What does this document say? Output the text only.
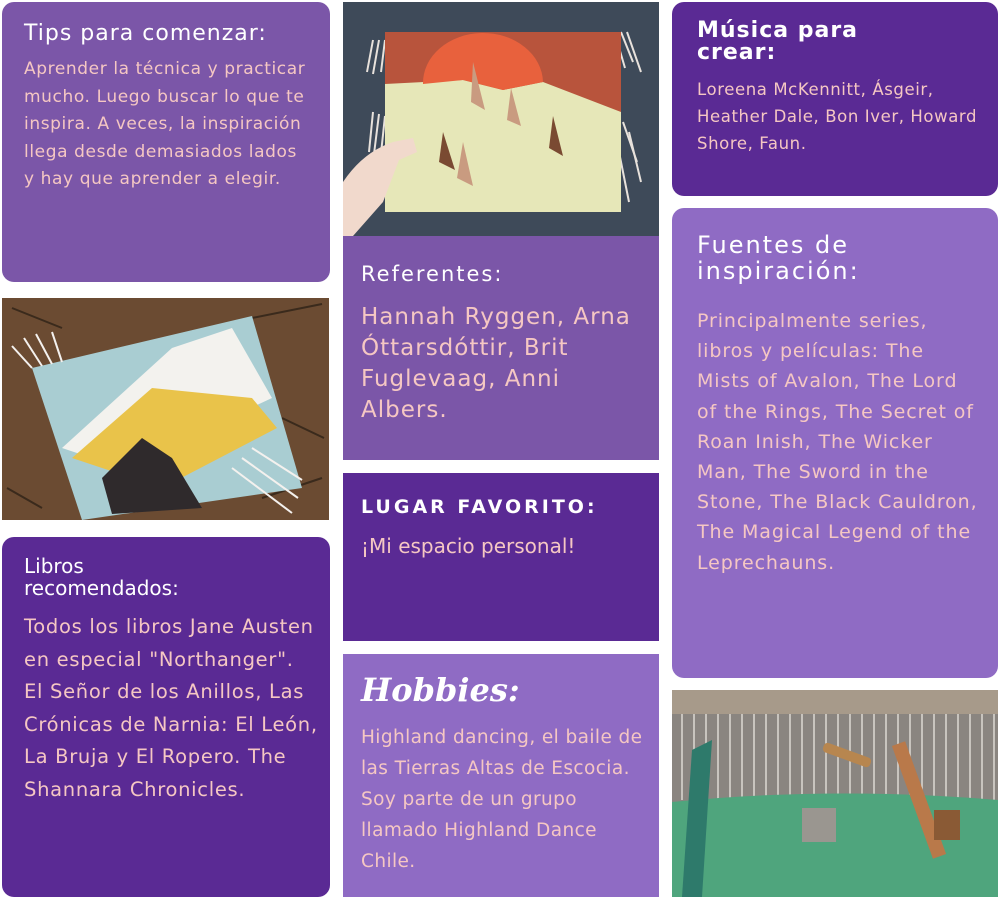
Tips para comenzar:

Aprender la técnica y practicar mucho. Luego buscar lo que te inspira. A veces, la inspiración llega desde demasiados lados y hay que aprender a elegir.

Música para crear:

Loreena McKennitt, Ásgeir, Heather Dale, Bon Iver, Howard Shore, Faun.

Referentes:

Hannah Ryggen, Arna Óttarsdóttir, Brit Fuglevaag, Anni Albers.

Fuentes de inspiración:

Principalmente series, libros y películas: The Mists of Avalon, The Lord of the Rings, The Secret of Roan Inish, The Wicker Man, The Sword in the Stone, The Black Cauldron, The Magical Legend of the Leprechauns.

LUGAR FAVORITO:

¡Mi espacio personal!

Libros recomendados:

Todos los libros Jane Austen en especial "Northanger". El Señor de los Anillos, Las Crónicas de Narnia: El León, La Bruja y El Ropero. The Shannara Chronicles.

Hobbies:

Highland dancing, el baile de las Tierras Altas de Escocia. Soy parte de un grupo llamado Highland Dance Chile.
